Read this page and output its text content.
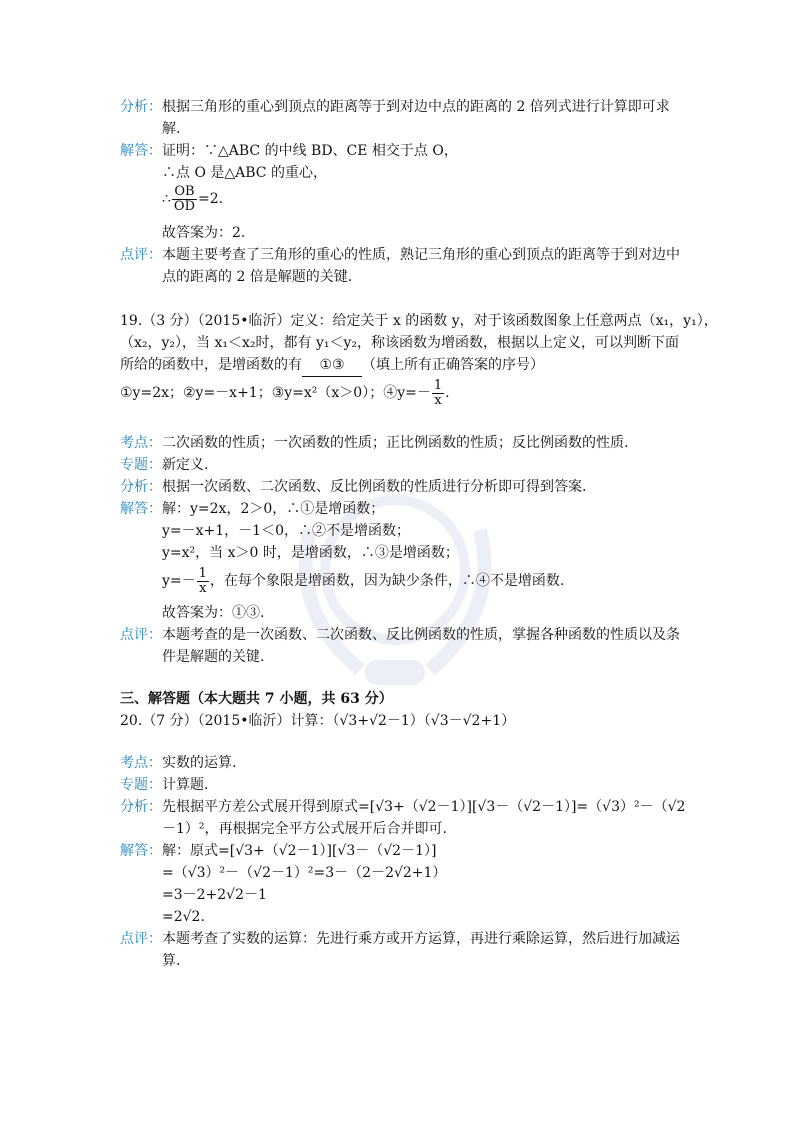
分析：根据三角形的重心到顶点的距离等于到对边中点的距离的 2 倍列式进行计算即可求
解.
解答：证明：∵△ABC 的中线 BD、CE 相交于点 O，
∴点 O 是△ABC 的重心，
∴ $\frac{OB}{OD} =2$.
故答案为：2.
点评：本题主要考查了三角形的重心的性质，熟记三角形的重心到顶点的距离等于到对边中
点的距离的 2 倍是解题的关键.
19.（3 分）（2015•临沂）定义：给定关于 x 的函数 y，对于该函数图象上任意两点（x₁，y₁），
（x₂，y₂），当 x₁＜x₂时，都有 y₁＜y₂，称该函数为增函数，根据以上定义，可以判断下面
所给的函数中，是增函数的有 ①③ （填上所有正确答案的序号）
①y=2x；②y=－x+1；③y=x²（x＞0）；④y=－ $\frac{1}{x}$ .
考点：二次函数的性质；一次函数的性质；正比例函数的性质；反比例函数的性质.
专题：新定义.
分析：根据一次函数、二次函数、反比例函数的性质进行分析即可得到答案.
解答：解：y=2x，2＞0，∴①是增函数；
y=－x+1，－1＜0，∴②不是增函数；
y=x²，当 x＞0 时，是增函数，∴③是增函数；
$y=- \frac{1}{x}$ ，在每个象限是增函数，因为缺少条件，∴④不是增函数.
故答案为：①③.
点评：本题考查的是一次函数、二次函数、反比例函数的性质，掌握各种函数的性质以及条
件是解题的关键.
三、解答题（本大题共 7 小题，共 63 分）
20.（7 分）（2015•临沂）计算：（√3+√2－1）（√3－√2+1）
考点：实数的运算.
专题：计算题.
分析：先根据平方差公式展开得到原式=[√3+（√2－1）][√3－（√2－1）]=（√3）²－（√2
－1）²，再根据完全平方公式展开后合并即可.
解答：解：原式=[√3+（√2－1）][√3－（√2－1）]
=（√3）²－（√2－1）²=3－（2－2√2+1）
=3－2+2√2－1
=2√2.
点评：本题考查了实数的运算：先进行乘方或开方运算，再进行乘除运算，然后进行加减运
算.
